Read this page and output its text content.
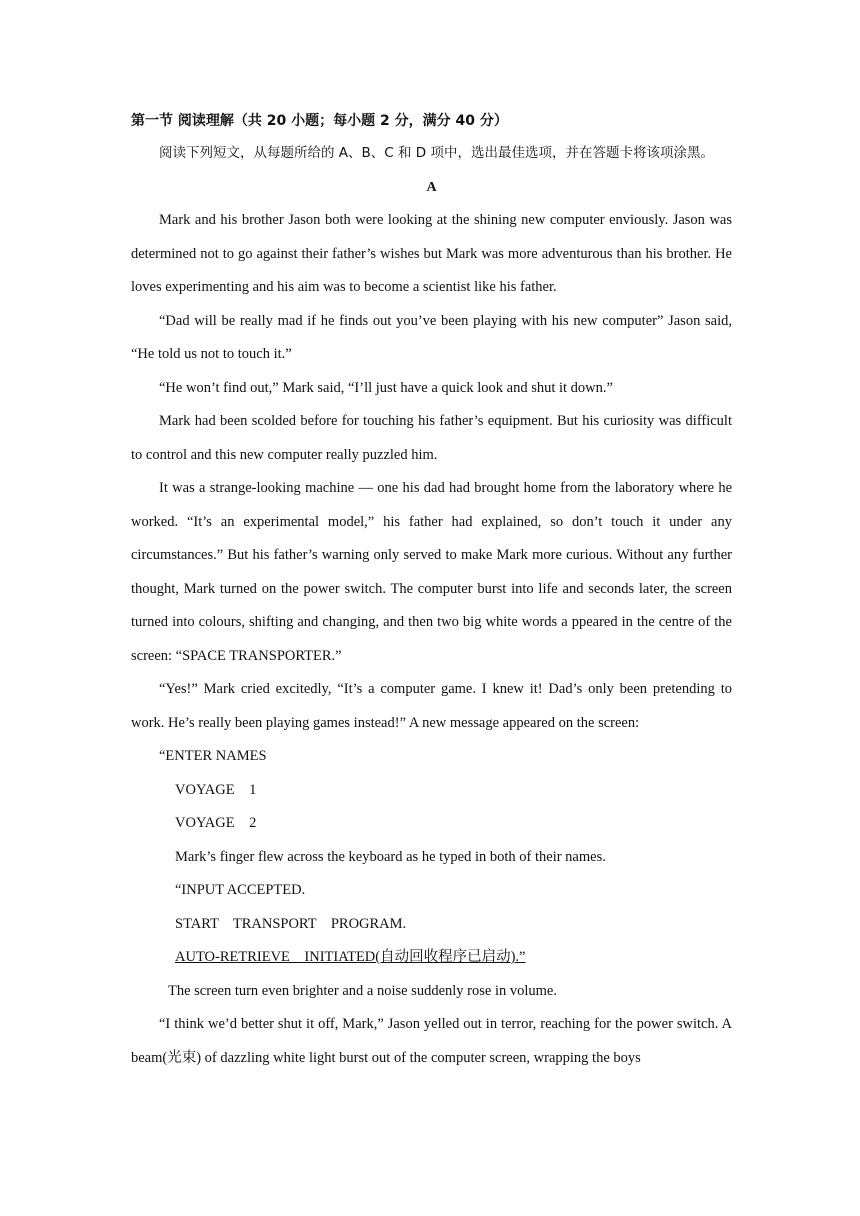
第一节 阅读理解（共 20 小题；每小题 2 分，满分 40 分）

阅读下列短文，从每题所给的 A、B、C 和 D 项中，选出最佳选项，并在答题卡将该项涂黑。

A

Mark and his brother Jason both were looking at the shining new computer enviously. Jason was determined not to go against their father’s wishes but Mark was more adventurous than his brother. He loves experimenting and his aim was to become a scientist like his father.

“Dad will be really mad if he finds out you’ve been playing with his new computer” Jason said, “He told us not to touch it.”

“He won’t find out,” Mark said, “I’ll just have a quick look and shut it down.”

Mark had been scolded before for touching his father’s equipment. But his curiosity was difficult to control and this new computer really puzzled him.

It was a strange-looking machine — one his dad had brought home from the laboratory where he worked. “It’s an experimental model,” his father had explained, so don’t touch it under any circumstances.” But his father’s warning only served to make Mark more curious. Without any further thought, Mark turned on the power switch. The computer burst into life and seconds later, the screen turned into colours, shifting and changing, and then two big white words a ppeared in the centre of the screen: “SPACE TRANSPORTER.”

“Yes!” Mark cried excitedly, “It’s a computer game. I knew it! Dad’s only been pretending to work. He’s really been playing games instead!” A new message appeared on the screen:

“ENTER NAMES

VOYAGE    1

VOYAGE    2

Mark’s finger flew across the keyboard as he typed in both of their names.

“INPUT ACCEPTED.

START    TRANSPORT    PROGRAM.

AUTO-RETRIEVE    INITIATED(自动回收程序已启动).”

The screen turn even brighter and a noise suddenly rose in volume.

“I think we’d better shut it off, Mark,” Jason yelled out in terror, reaching for the power switch. A beam(光束) of dazzling white light burst out of the computer screen, wrapping the boys
